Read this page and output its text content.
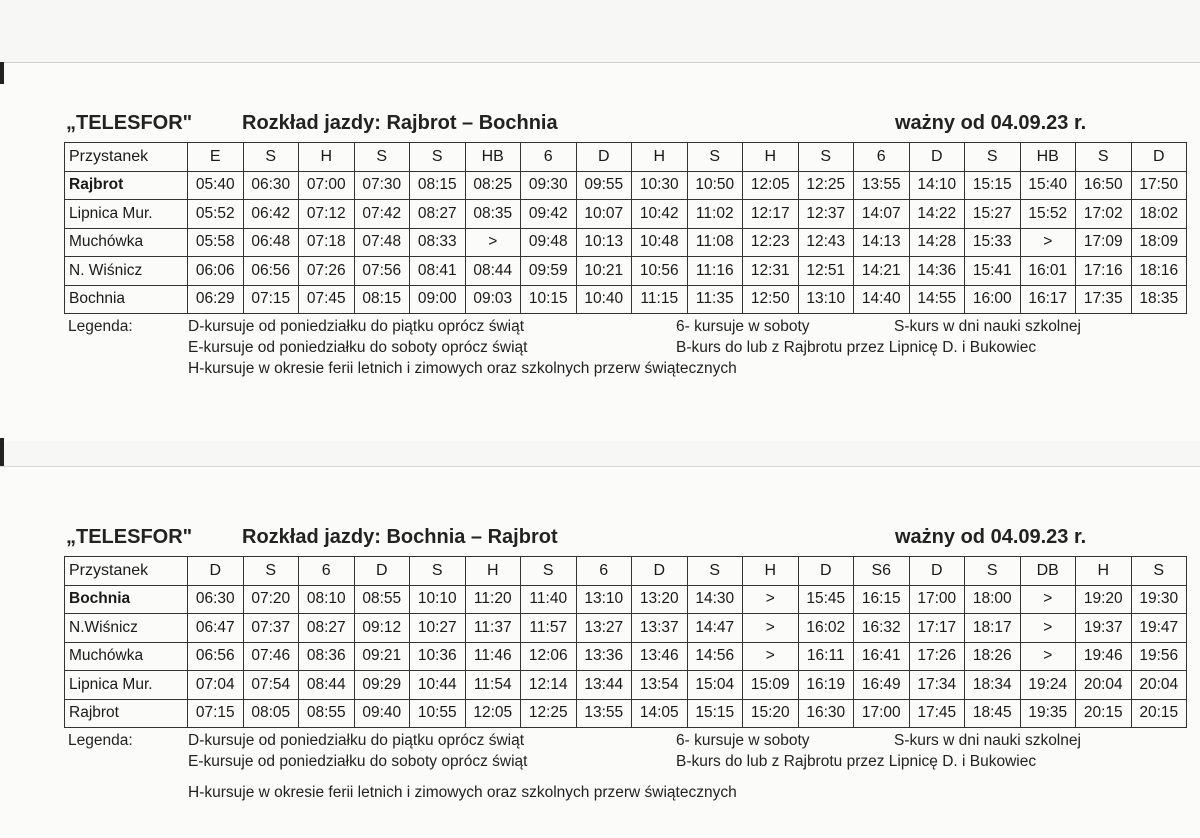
„TELESFOR" Rozkład jazdy: Rajbrot – Bochnia	ważny od 04.09.23 r.
Przystanek	E	S	H	S	S	HB	6	D	H	S	H	S	6	D	S	HB	S	D
Rajbrot	05:40	06:30	07:00	07:30	08:15	08:25	09:30	09:55	10:30	10:50	12:05	12:25	13:55	14:10	15:15	15:40	16:50	17:50
Lipnica Mur.	05:52	06:42	07:12	07:42	08:27	08:35	09:42	10:07	10:42	11:02	12:17	12:37	14:07	14:22	15:27	15:52	17:02	18:02
Muchówka	05:58	06:48	07:18	07:48	08:33	>	09:48	10:13	10:48	11:08	12:23	12:43	14:13	14:28	15:33	>	17:09	18:09
N. Wiśnicz	06:06	06:56	07:26	07:56	08:41	08:44	09:59	10:21	10:56	11:16	12:31	12:51	14:21	14:36	15:41	16:01	17:16	18:16
Bochnia	06:29	07:15	07:45	08:15	09:00	09:03	10:15	10:40	11:15	11:35	12:50	13:10	14:40	14:55	16:00	16:17	17:35	18:35
Legenda:	D-kursuje od poniedziałku do piątku oprócz świąt	6- kursuje w soboty	S-kurs w dni nauki szkolnej
E-kursuje od poniedziałku do soboty oprócz świąt	B-kurs do lub z Rajbrotu przez Lipnicę D. i Bukowiec
H-kursuje w okresie ferii letnich i zimowych oraz szkolnych przerw świątecznych
„TELESFOR" Rozkład jazdy: Bochnia – Rajbrot	ważny od 04.09.23 r.
Przystanek	D	S	6	D	S	H	S	6	D	S	H	D	S6	D	S	DB	H	S
Bochnia	06:30	07:20	08:10	08:55	10:10	11:20	11:40	13:10	13:20	14:30	>	15:45	16:15	17:00	18:00	>	19:20	19:30
N.Wiśnicz	06:47	07:37	08:27	09:12	10:27	11:37	11:57	13:27	13:37	14:47	>	16:02	16:32	17:17	18:17	>	19:37	19:47
Muchówka	06:56	07:46	08:36	09:21	10:36	11:46	12:06	13:36	13:46	14:56	>	16:11	16:41	17:26	18:26	>	19:46	19:56
Lipnica Mur.	07:04	07:54	08:44	09:29	10:44	11:54	12:14	13:44	13:54	15:04	15:09	16:19	16:49	17:34	18:34	19:24	20:04	20:04
Rajbrot	07:15	08:05	08:55	09:40	10:55	12:05	12:25	13:55	14:05	15:15	15:20	16:30	17:00	17:45	18:45	19:35	20:15	20:15
Legenda:	D-kursuje od poniedziałku do piątku oprócz świąt	6- kursuje w soboty	S-kurs w dni nauki szkolnej
E-kursuje od poniedziałku do soboty oprócz świąt	B-kurs do lub z Rajbrotu przez Lipnicę D. i Bukowiec
H-kursuje w okresie ferii letnich i zimowych oraz szkolnych przerw świątecznych
